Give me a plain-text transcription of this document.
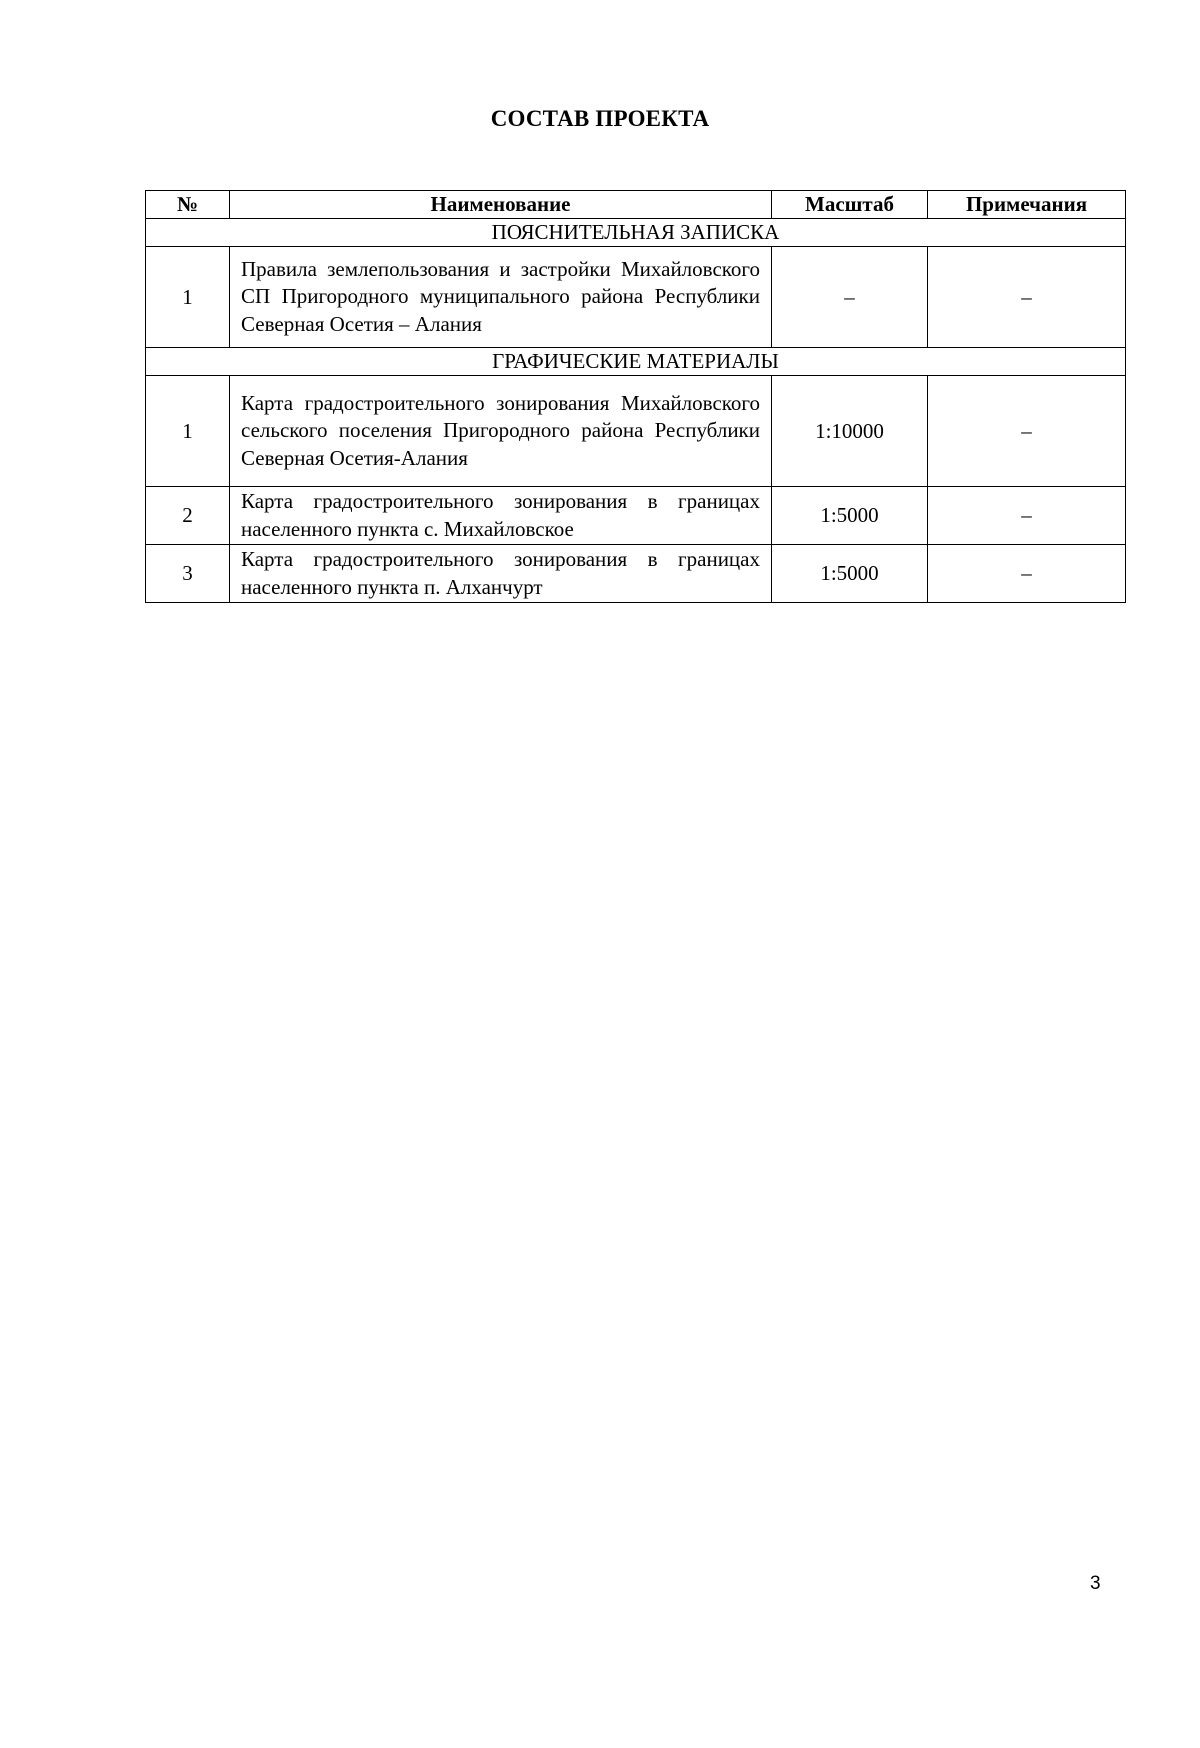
СОСТАВ ПРОЕКТА
№	Наименование	Масштаб	Примечания
ПОЯСНИТЕЛЬНАЯ ЗАПИСКА			
1	Правила землепользования и застройки Михайловского СП Пригородного муниципального района Республики Северная Осетия – Алания	–	–
ГРАФИЧЕСКИЕ МАТЕРИАЛЫ			
1	Карта градостроительного зонирования Михайловского сельского поселения Пригородного района Республики Северная Осетия-Алания	1:10000	–
2	Карта градостроительного зонирования в границах населенного пункта с. Михайловское	1:5000	–
3	Карта градостроительного зонирования в границах населенного пункта п. Алханчурт	1:5000	–
3
